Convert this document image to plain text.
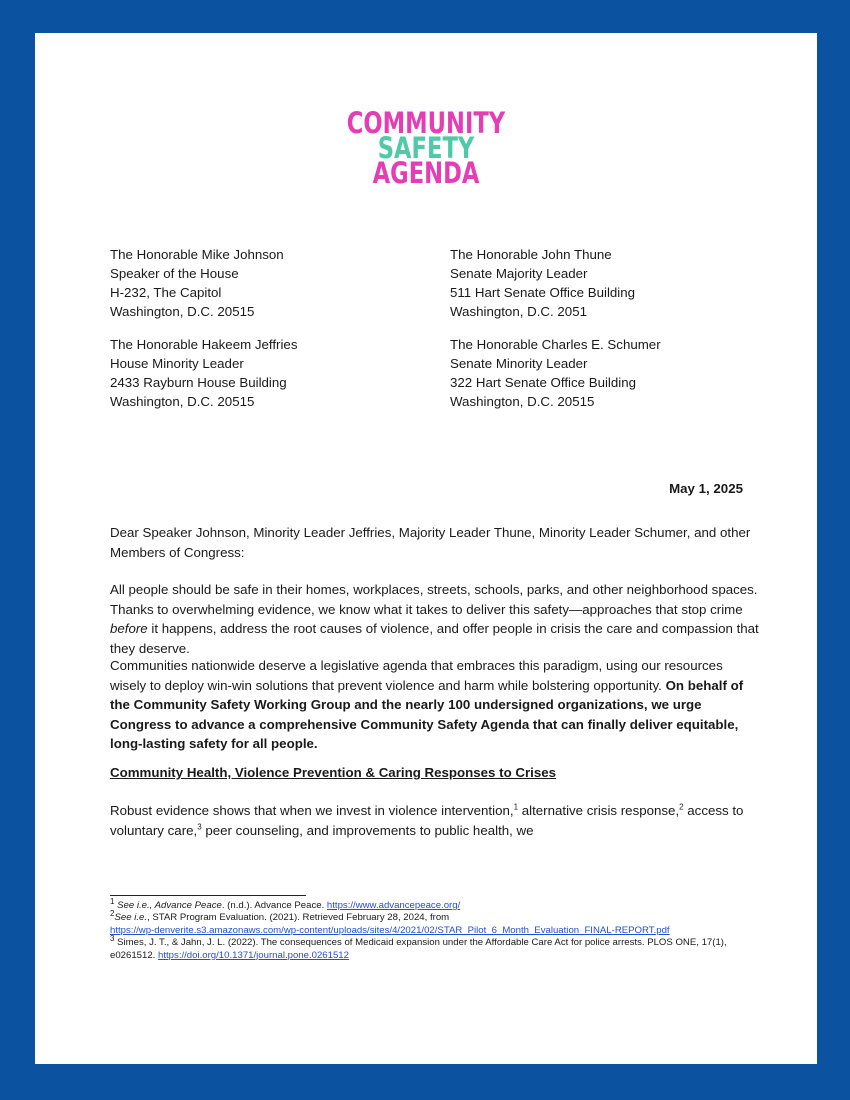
COMMUNITY
SAFETY
AGENDA
The Honorable Mike Johnson
Speaker of the House
H-232, The Capitol
Washington, D.C. 20515
The Honorable John Thune
Senate Majority Leader
511 Hart Senate Office Building
Washington, D.C. 2051
The Honorable Hakeem Jeffries
House Minority Leader
2433 Rayburn House Building
Washington, D.C. 20515
The Honorable Charles E. Schumer
Senate Minority Leader
322 Hart Senate Office Building
Washington, D.C. 20515
May 1, 2025
Dear Speaker Johnson, Minority Leader Jeffries, Majority Leader Thune, Minority Leader Schumer, and other Members of Congress:
All people should be safe in their homes, workplaces, streets, schools, parks, and other neighborhood spaces. Thanks to overwhelming evidence, we know what it takes to deliver this safety—approaches that stop crime before it happens, address the root causes of violence, and offer people in crisis the care and compassion that they deserve.
Communities nationwide deserve a legislative agenda that embraces this paradigm, using our resources wisely to deploy win-win solutions that prevent violence and harm while bolstering opportunity. On behalf of the Community Safety Working Group and the nearly 100 undersigned organizations, we urge Congress to advance a comprehensive Community Safety Agenda that can finally deliver equitable, long-lasting safety for all people.
Community Health, Violence Prevention & Caring Responses to Crises
Robust evidence shows that when we invest in violence intervention,$^1$ alternative crisis response,$^2$ access to voluntary care,$^3$ peer counseling, and improvements to public health, we
$^1$ See i.e., Advance Peace. (n.d.). Advance Peace. https://www.advancepeace.org/
$^2$See i.e., STAR Program Evaluation. (2021). Retrieved February 28, 2024, from
https://wp-denverite.s3.amazonaws.com/wp-content/uploads/sites/4/2021/02/STAR_Pilot_6_Month_Evaluation_FINAL-REPORT.pdf
$^3$ Simes, J. T., & Jahn, J. L. (2022). The consequences of Medicaid expansion under the Affordable Care Act for police arrests. PLOS ONE, 17(1), e0261512. https://doi.org/10.1371/journal.pone.0261512
